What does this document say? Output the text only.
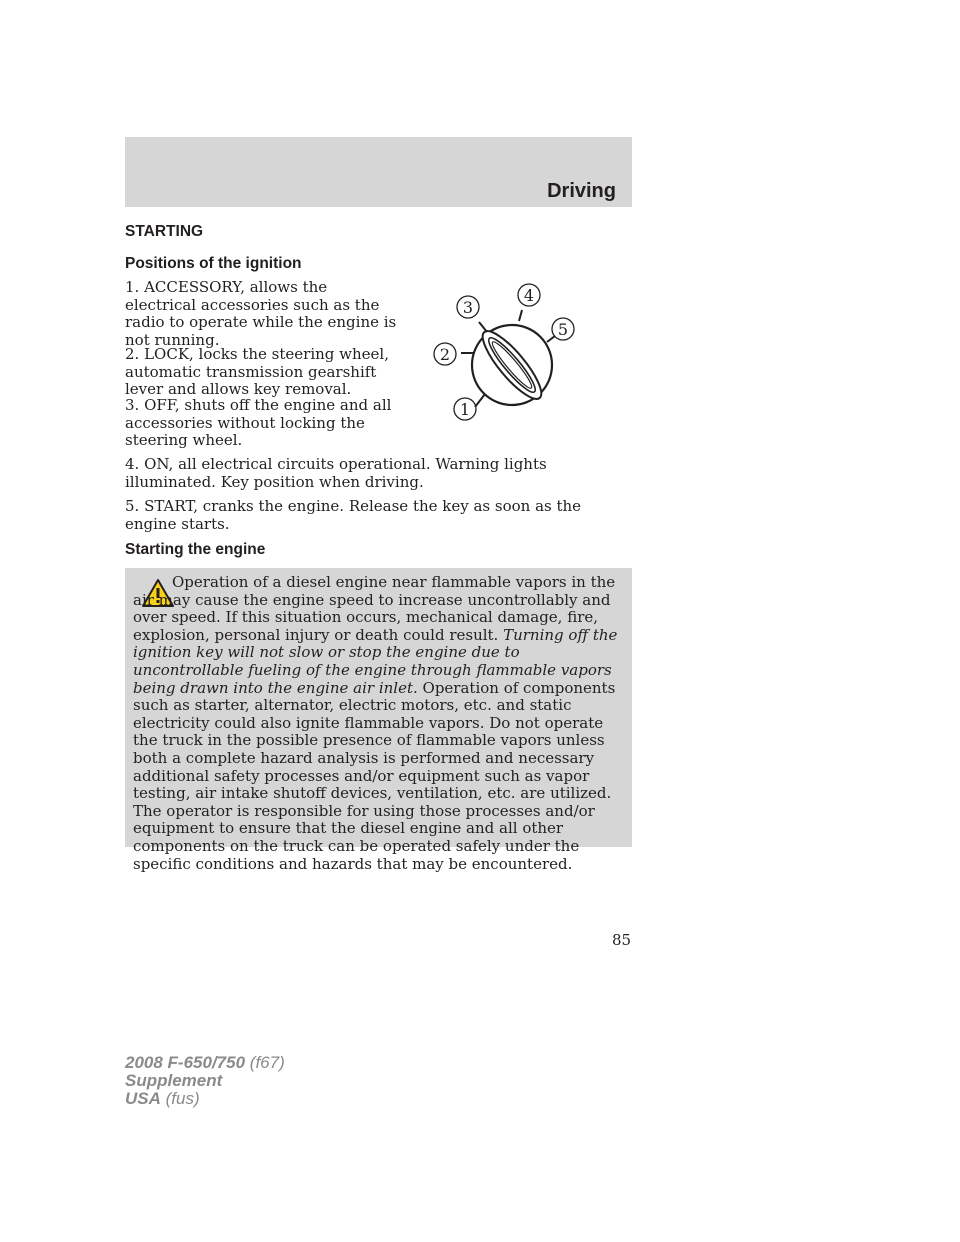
Driving
STARTING
Positions of the ignition

1. ACCESSORY, allows the electrical accessories such as the radio to operate while the engine is not running.

2. LOCK, locks the steering wheel, automatic transmission gearshift lever and allows key removal.

3. OFF, shuts off the engine and all accessories without locking the steering wheel.

4. ON, all electrical circuits operational. Warning lights illuminated. Key position when driving.

5. START, cranks the engine. Release the key as soon as the engine starts.

1
2
3
4
5
Starting the engine

Operation of a diesel engine near flammable vapors in the air may cause the engine speed to increase uncontrollably and over speed. If this situation occurs, mechanical damage, fire, explosion, personal injury or death could result. Turning off the ignition key will not slow or stop the engine due to uncontrollable fueling of the engine through flammable vapors being drawn into the engine air inlet. Operation of components such as starter, alternator, electric motors, etc. and static electricity could also ignite flammable vapors. Do not operate the truck in the possible presence of flammable vapors unless both a complete hazard analysis is performed and necessary additional safety processes and/or equipment such as vapor testing, air intake shutoff devices, ventilation, etc. are utilized. The operator is responsible for using those processes and/or equipment to ensure that the diesel engine and all other components on the truck can be operated safely under the specific conditions and hazards that may be encountered.

85
2008 F-650/750 (f67)
Supplement
USA (fus)
